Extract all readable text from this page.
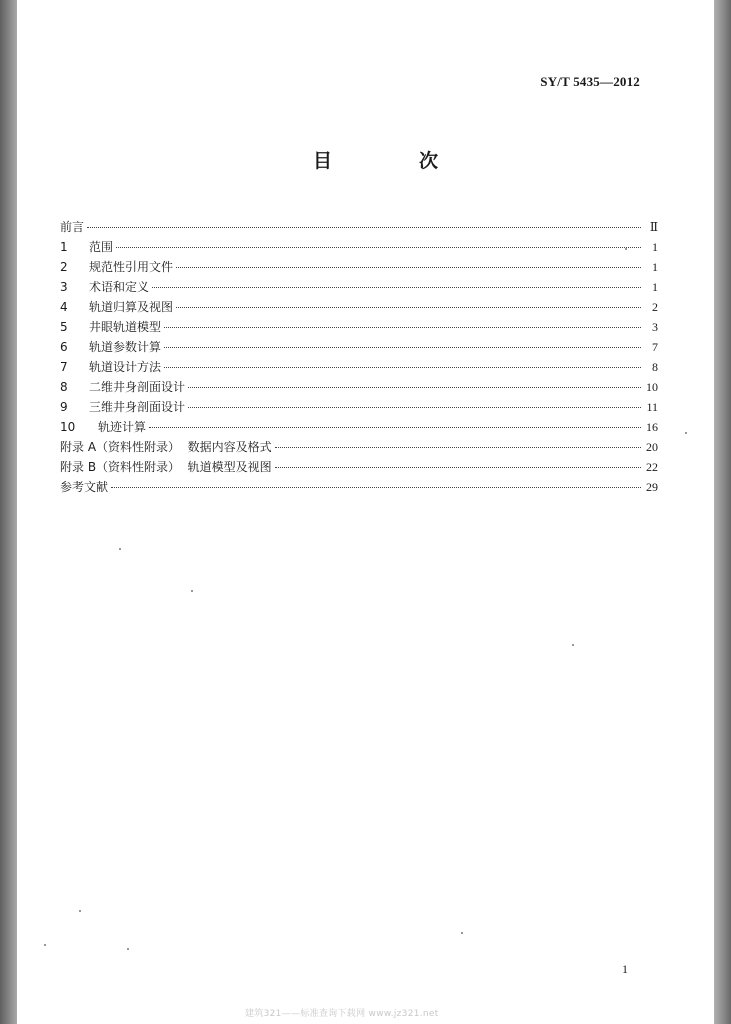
SY/T 5435—2012
目　次
前言	Ⅱ
1	范围	1
2	规范性引用文件	1
3	术语和定义	1
4	轨道归算及视图	2
5	井眼轨道模型	3
6	轨道参数计算	7
7	轨道设计方法	8
8	二维井身剖面设计	10
9	三维井身剖面设计	11
10	轨迹计算	16
附录 A（资料性附录）  数据内容及格式	20
附录 B（资料性附录）  轨道模型及视图	22
参考文献	29
1
建筑321——标准查询下载网 www.jz321.net
